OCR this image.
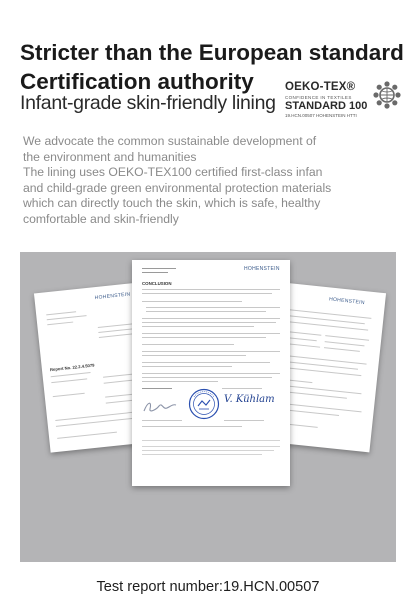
Stricter than the European standard
Certification authority
Infant-grade skin-friendly lining
OEKO-TEX®
CONFIDENCE IN TEXTILES
STANDARD 100
19.HCN.00507 HOHENSTEIN HTTI
We advocate the common sustainable development of
the environment and humanities
The lining uses OEKO-TEX100 certified first-class infan
and child-grade green environmental protection materials
which can directly touch the skin, which is safe, healthy
comfortable and skin-friendly
HOHENSTEIN
Report No. 22.2.4.5079
HOHENSTEIN
HOHENSTEIN
CONCLUSION
V. Kühlam
Test report number:19.HCN.00507
